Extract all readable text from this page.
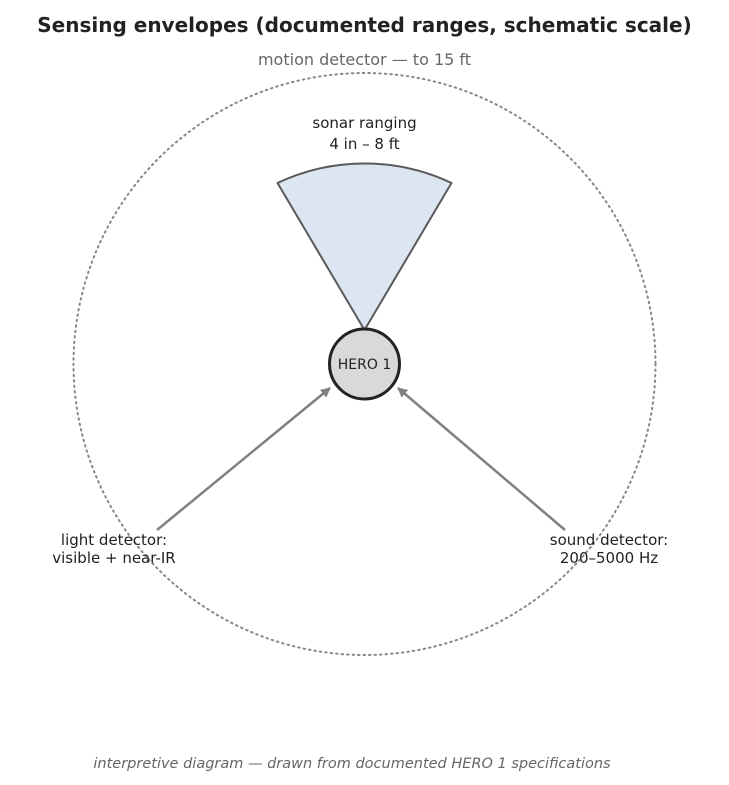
Sensing envelopes (documented ranges, schematic scale)
motion detector — to 15 ft
sonar ranging
4 in – 8 ft
HERO 1
light detector:
visible + near-IR
sound detector:
200–5000 Hz
interpretive diagram — drawn from documented HERO 1 specifications
